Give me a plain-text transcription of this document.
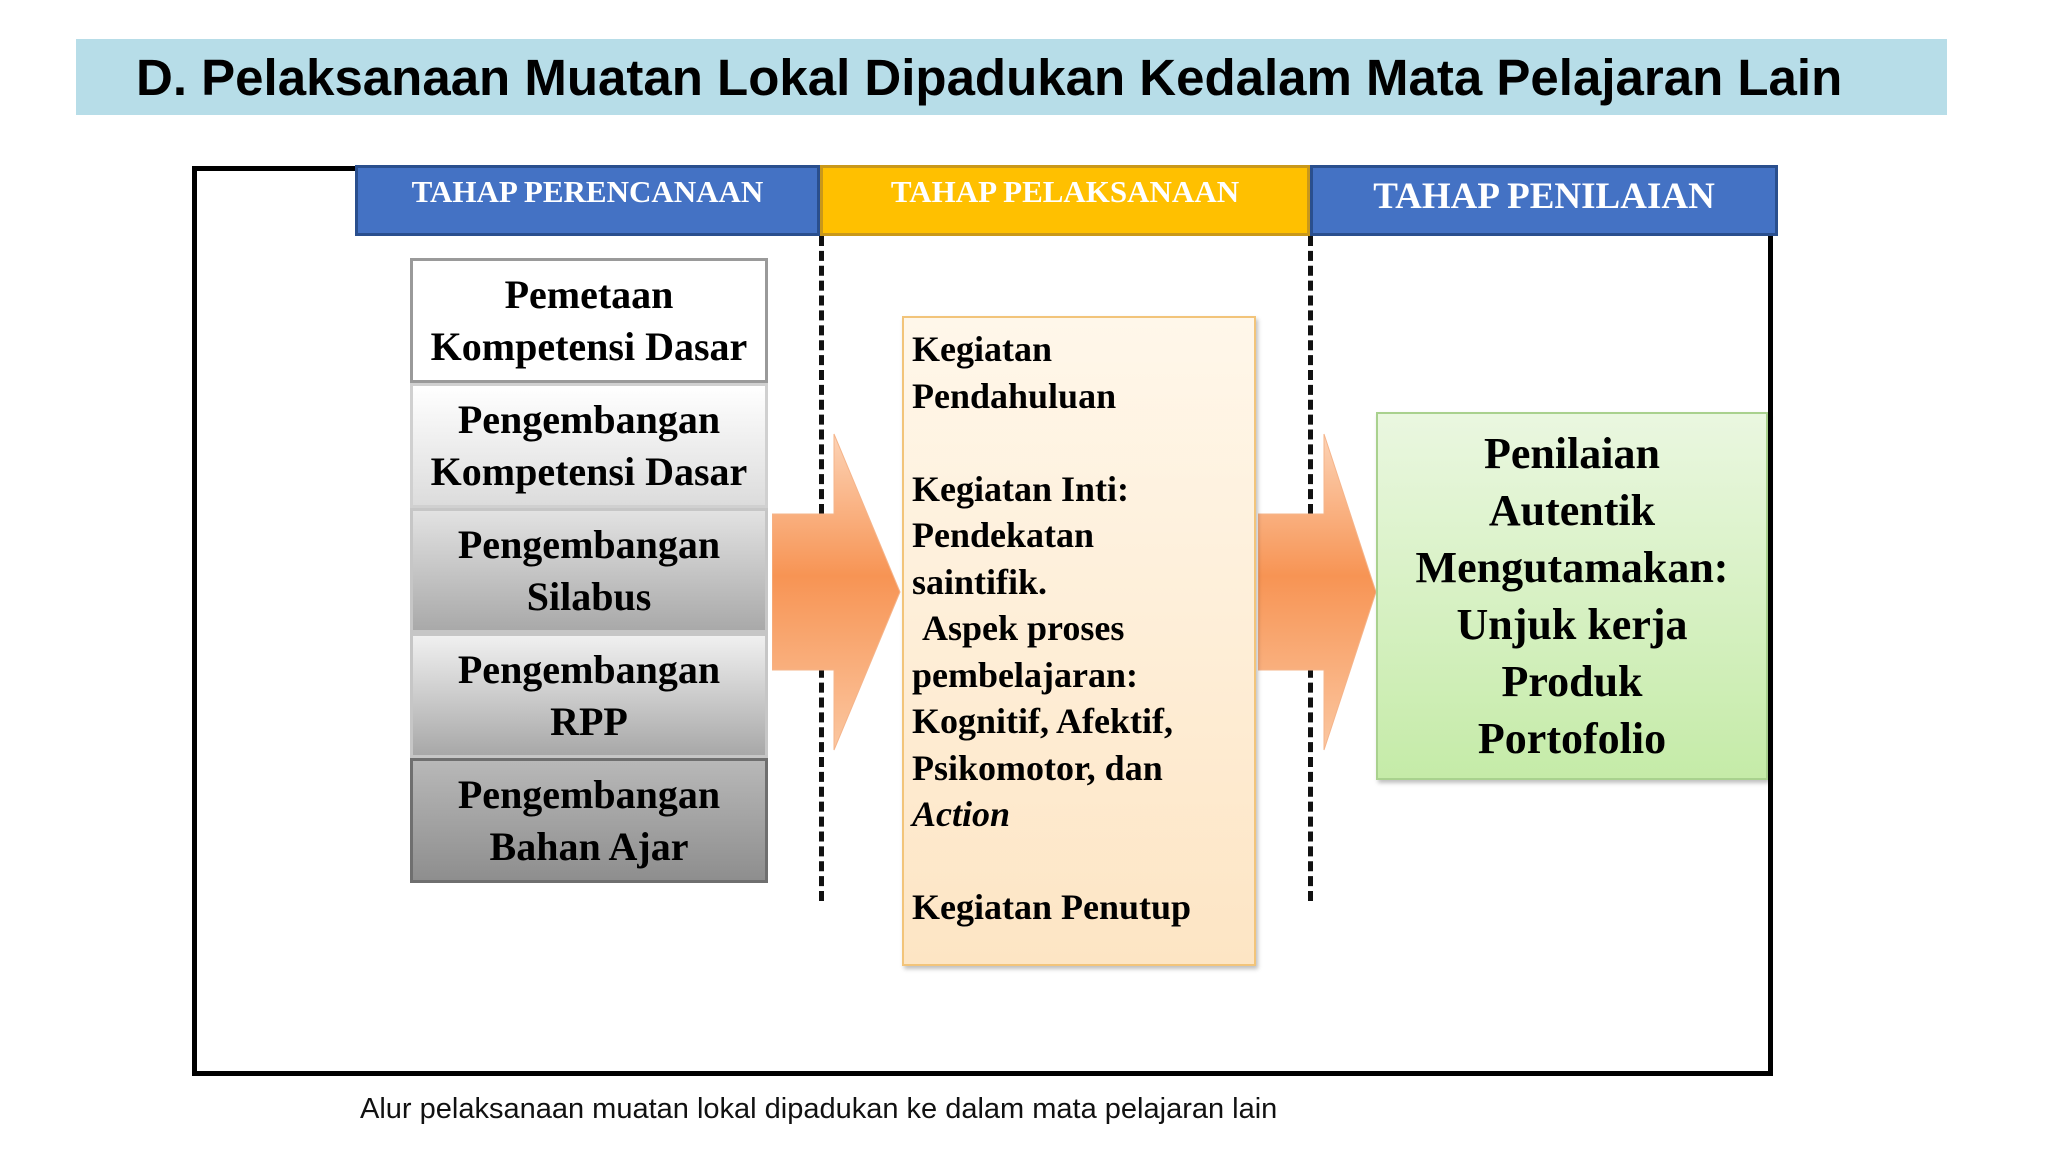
D. Pelaksanaan Muatan Lokal Dipadukan Kedalam Mata Pelajaran Lain
TAHAP PERENCANAAN	TAHAP PELAKSANAAN	TAHAP PENILAIAN
Pemetaan
Kompetensi Dasar
Pengembangan
Kompetensi Dasar
Pengembangan
Silabus
Pengembangan
RPP
Pengembangan
Bahan Ajar
Kegiatan
Pendahuluan
Kegiatan Inti:
Pendekatan
saintifik.
Aspek proses
pembelajaran:
Kognitif, Afektif,
Psikomotor, dan
Action
Kegiatan Penutup
Penilaian
Autentik
Mengutamakan:
Unjuk kerja
Produk
Portofolio
Alur pelaksanaan muatan lokal dipadukan ke dalam mata pelajaran lain
